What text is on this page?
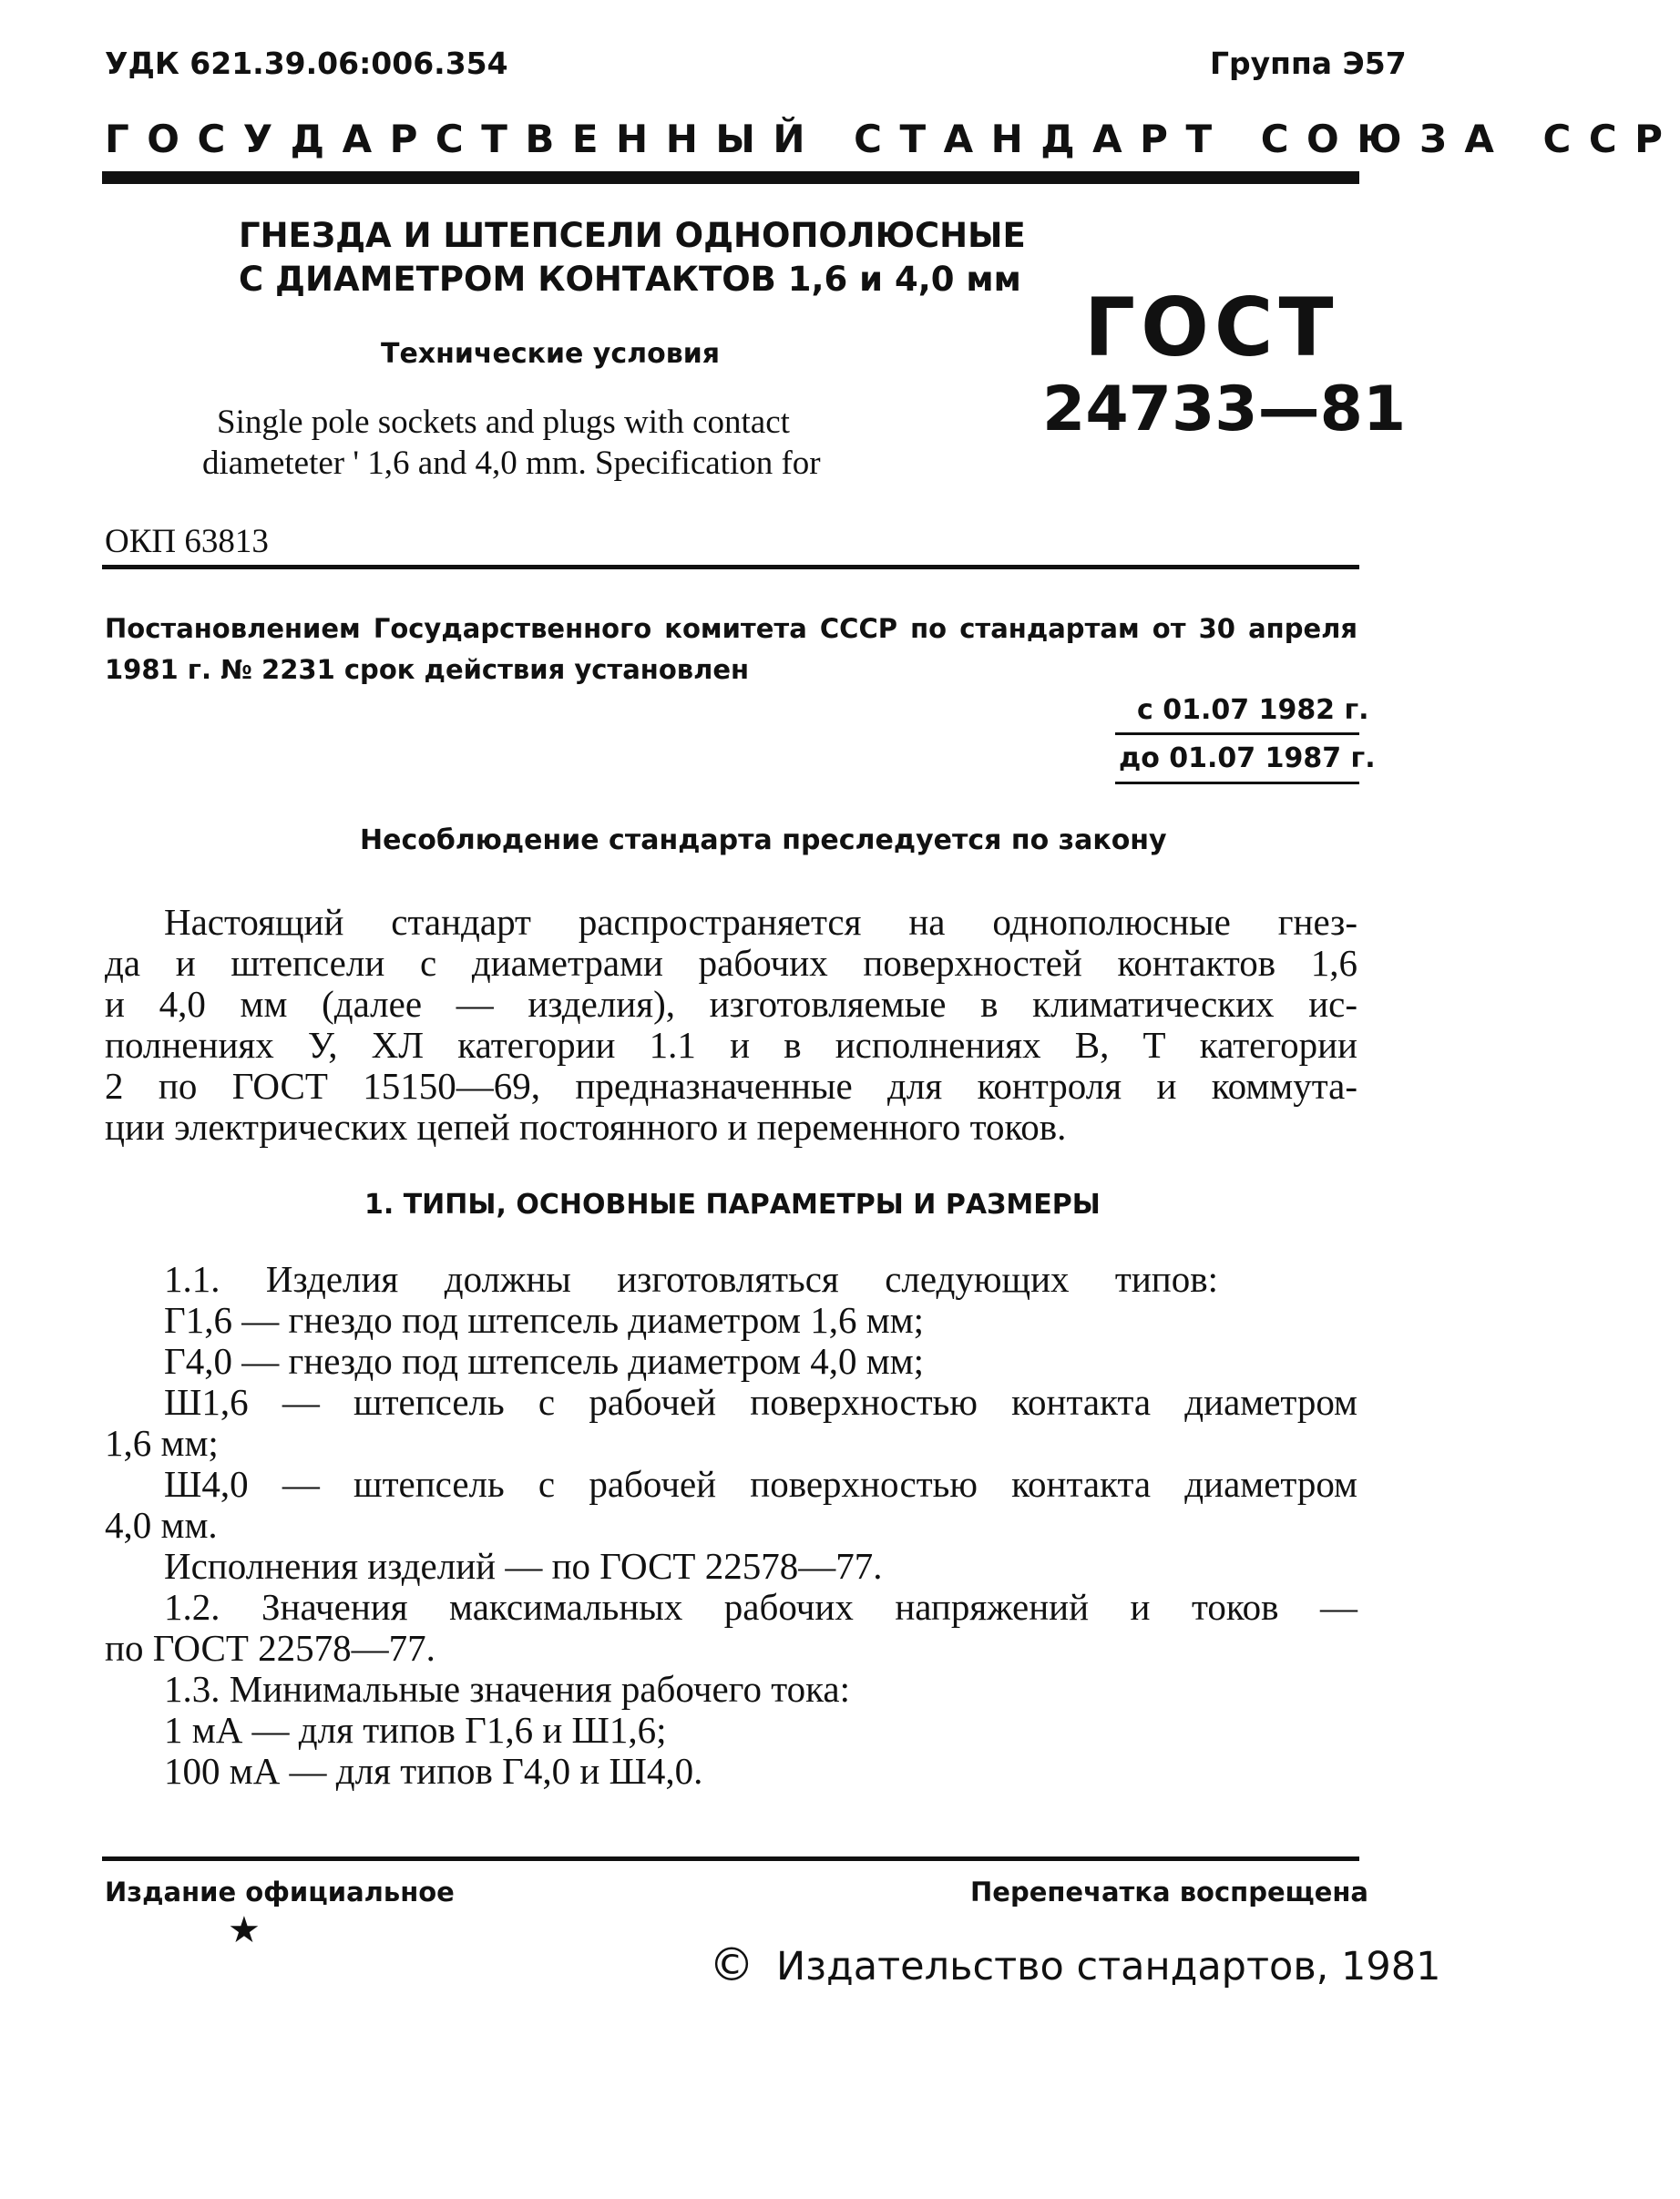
УДК 621.39.06:006.354	Группа Э57
ГОСУДАРСТВЕННЫЙ СТАНДАРТ СОЮЗА ССР
ГНЕЗДА И ШТЕПСЕЛИ ОДНОПОЛЮСНЫЕ
С ДИАМЕТРОМ КОНТАКТОВ 1,6 и 4,0 мм
Технические условия
Single pole sockets and plugs with contact
diameteter ' 1,6 and 4,0 mm. Specification for
ГОСТ
24733—81
ОКП 63813
Постановлением Государственного комитета СССР по стандартам от 30 апреля
1981 г. № 2231 срок действия установлен
с 01.07 1982 г.
до 01.07 1987 г.
Несоблюдение стандарта преследуется по закону
Настоящий стандарт распространяется на однополюсные гнез-
да и штепсели с диаметрами рабочих поверхностей контактов 1,6
и 4,0 мм (далее — изделия), изготовляемые в климатических ис-
полнениях У, ХЛ категории 1.1 и в исполнениях В, Т категории
2 по ГОСТ 15150—69, предназначенные для контроля и коммута-
ции электрических цепей постоянного и переменного токов.
1. ТИПЫ, ОСНОВНЫЕ ПАРАМЕТРЫ И РАЗМЕРЫ
1.1. Изделия должны изготовляться следующих типов:
Г1,6 — гнездо под штепсель диаметром 1,6 мм;
Г4,0 — гнездо под штепсель диаметром 4,0 мм;
Ш1,6 — штепсель с рабочей поверхностью контакта диаметром
1,6 мм;
Ш4,0 — штепсель с рабочей поверхностью контакта диаметром
4,0 мм.
Исполнения изделий — по ГОСТ 22578—77.
1.2. Значения максимальных рабочих напряжений и токов —
по ГОСТ 22578—77.
1.3. Минимальные значения рабочего тока:
1 мА — для типов Г1,6 и Ш1,6;
100 мА — для типов Г4,0 и Ш4,0.
Издание официальное
★
Перепечатка воспрещена
© Издательство стандартов, 1981
